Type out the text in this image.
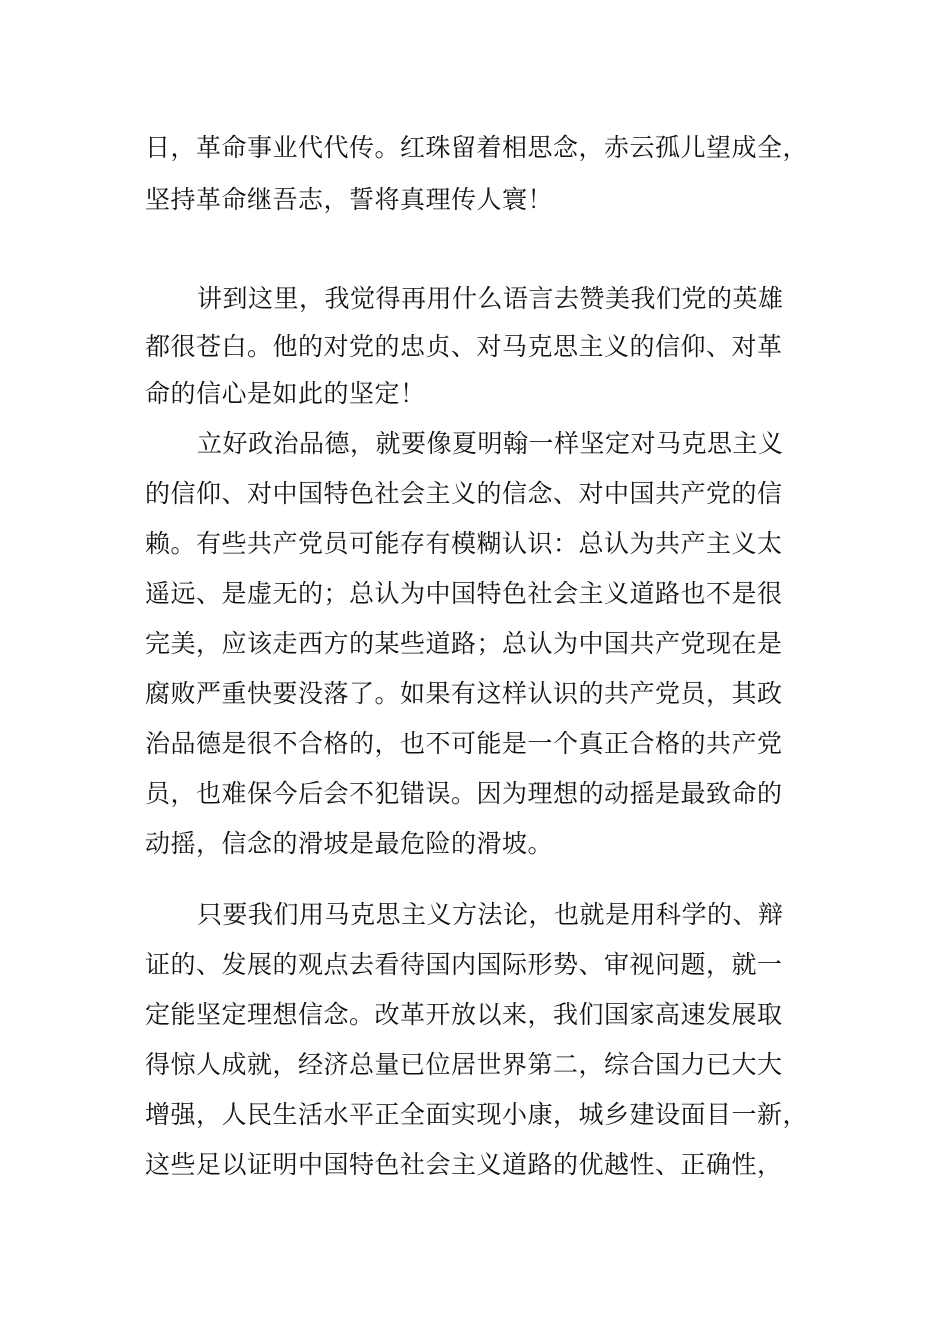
日，革命事业代代传。红珠留着相思念，赤云孤儿望成全，
坚持革命继吾志，誓将真理传人寰！
讲到这里，我觉得再用什么语言去赞美我们党的英雄
都很苍白。他的对党的忠贞、对马克思主义的信仰、对革
命的信心是如此的坚定！
立好政治品德，就要像夏明翰一样坚定对马克思主义
的信仰、对中国特色社会主义的信念、对中国共产党的信
赖。有些共产党员可能存有模糊认识：总认为共产主义太
遥远、是虚无的；总认为中国特色社会主义道路也不是很
完美，应该走西方的某些道路；总认为中国共产党现在是
腐败严重快要没落了。如果有这样认识的共产党员，其政
治品德是很不合格的，也不可能是一个真正合格的共产党
员，也难保今后会不犯错误。因为理想的动摇是最致命的
动摇，信念的滑坡是最危险的滑坡。
只要我们用马克思主义方法论，也就是用科学的、辩
证的、发展的观点去看待国内国际形势、审视问题，就一
定能坚定理想信念。改革开放以来，我们国家高速发展取
得惊人成就，经济总量已位居世界第二，综合国力已大大
增强，人民生活水平正全面实现小康，城乡建设面目一新，
这些足以证明中国特色社会主义道路的优越性、正确性，
